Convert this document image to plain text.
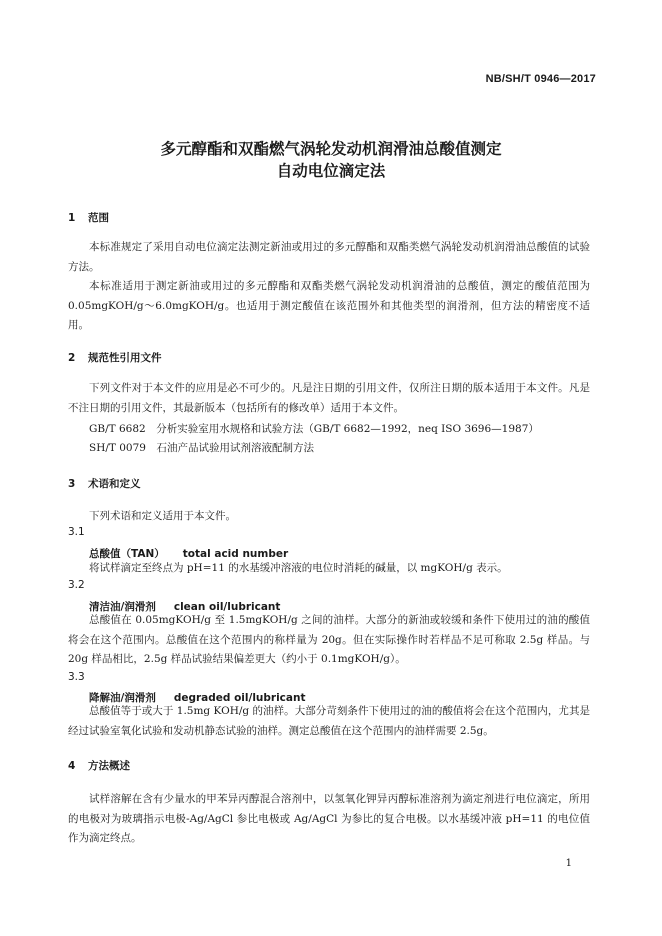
NB/SH/T 0946—2017
多元醇酯和双酯燃气涡轮发动机润滑油总酸值测定
自动电位滴定法
1 范围
本标准规定了采用自动电位滴定法测定新油或用过的多元醇酯和双酯类燃气涡轮发动机润滑油总酸值的试验方法。
本标准适用于测定新油或用过的多元醇酯和双酯类燃气涡轮发动机润滑油的总酸值，测定的酸值范围为 0.05mgKOH/g～6.0mgKOH/g。也适用于测定酸值在该范围外和其他类型的润滑剂，但方法的精密度不适用。
2 规范性引用文件
下列文件对于本文件的应用是必不可少的。凡是注日期的引用文件，仅所注日期的版本适用于本文件。凡是不注日期的引用文件，其最新版本（包括所有的修改单）适用于本文件。
GB/T 6682　分析实验室用水规格和试验方法（GB/T 6682—1992，neq ISO 3696—1987）
SH/T 0079　石油产品试验用试剂溶液配制方法
3 术语和定义
下列术语和定义适用于本文件。
3.1
总酸值（TAN） total acid number
将试样滴定至终点为 pH=11 的水基缓冲溶液的电位时消耗的碱量，以 mgKOH/g 表示。
3.2
清洁油/润滑剂 clean oil/lubricant
总酸值在 0.05mgKOH/g 至 1.5mgKOH/g 之间的油样。大部分的新油或较缓和条件下使用过的油的酸值将会在这个范围内。总酸值在这个范围内的称样量为 20g。但在实际操作时若样品不足可称取 2.5g 样品。与 20g 样品相比，2.5g 样品试验结果偏差更大（约小于 0.1mgKOH/g）。
3.3
降解油/润滑剂 degraded oil/lubricant
总酸值等于或大于 1.5mg KOH/g 的油样。大部分苛刻条件下使用过的油的酸值将会在这个范围内，尤其是经过试验室氧化试验和发动机静态试验的油样。测定总酸值在这个范围内的油样需要 2.5g。
4 方法概述
试样溶解在含有少量水的甲苯异丙醇混合溶剂中，以氢氧化钾异丙醇标准溶剂为滴定剂进行电位滴定，所用的电极对为玻璃指示电极-Ag/AgCl 参比电极或 Ag/AgCl 为参比的复合电极。以水基缓冲液 pH=11 的电位值作为滴定终点。
1
